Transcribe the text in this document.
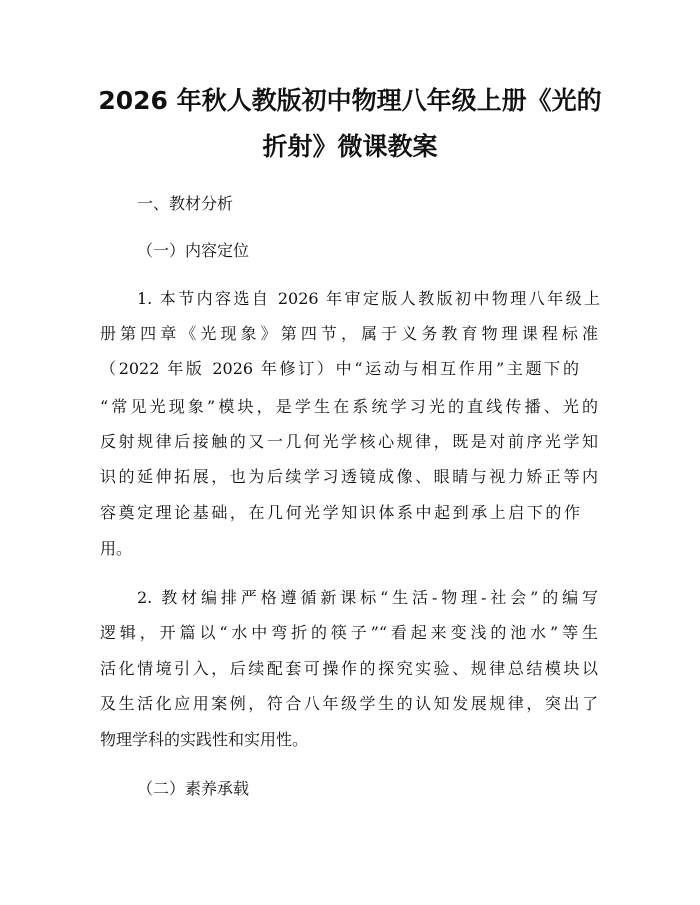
2026 年秋人教版初中物理八年级上册《光的
折射》微课教案
一、教材分析
（一）内容定位
1. 本节内容选自 2026 年审定版人教版初中物理八年级上
册第四章《光现象》第四节，属于义务教育物理课程标准
（2022 年版 2026 年修订）中“运动与相互作用”主题下的
“常见光现象”模块，是学生在系统学习光的直线传播、光的
反射规律后接触的又一几何光学核心规律，既是对前序光学知
识的延伸拓展，也为后续学习透镜成像、眼睛与视力矫正等内
容奠定理论基础，在几何光学知识体系中起到承上启下的作
用。
2. 教材编排严格遵循新课标“生活-物理-社会”的编写
逻辑，开篇以“水中弯折的筷子”“看起来变浅的池水”等生
活化情境引入，后续配套可操作的探究实验、规律总结模块以
及生活化应用案例，符合八年级学生的认知发展规律，突出了
物理学科的实践性和实用性。
（二）素养承载
